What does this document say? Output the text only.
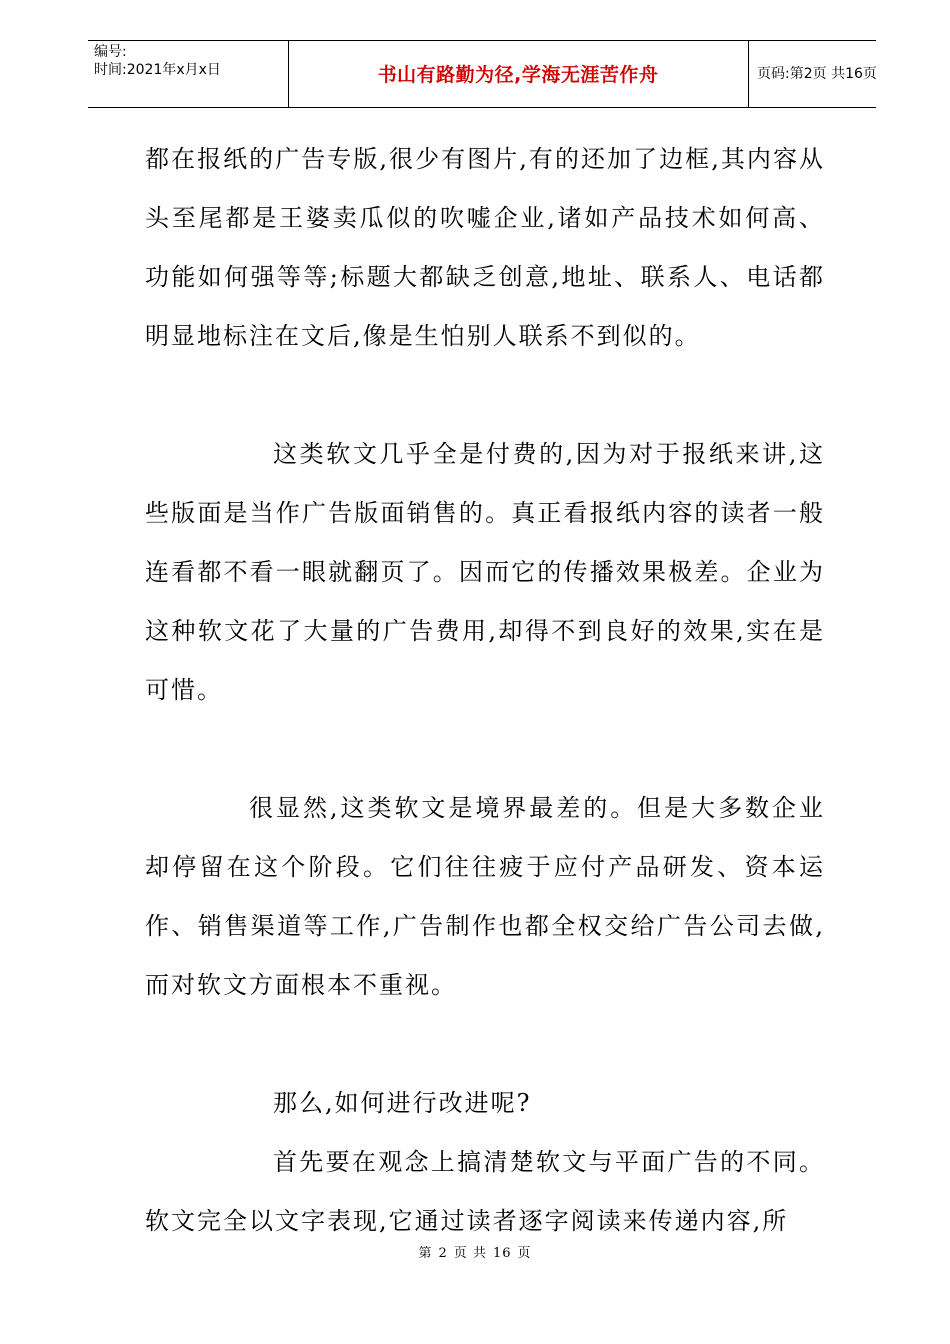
编号:
时间:2021年x月x日	书山有路勤为径,学海无涯苦作舟	页码:第2页 共16页

都在报纸的广告专版,很少有图片,有的还加了边框,其内容从头至尾都是王婆卖瓜似的吹嘘企业,诸如产品技术如何高、功能如何强等等;标题大都缺乏创意,地址、联系人、电话都明显地标注在文后,像是生怕别人联系不到似的。

这类软文几乎全是付费的,因为对于报纸来讲,这些版面是当作广告版面销售的。真正看报纸内容的读者一般连看都不看一眼就翻页了。因而它的传播效果极差。企业为这种软文花了大量的广告费用,却得不到良好的效果,实在是可惜。

很显然,这类软文是境界最差的。但是大多数企业却停留在这个阶段。它们往往疲于应付产品研发、资本运作、销售渠道等工作,广告制作也都全权交给广告公司去做,而对软文方面根本不重视。

那么,如何进行改进呢?

首先要在观念上搞清楚软文与平面广告的不同。软文完全以文字表现,它通过读者逐字阅读来传递内容,所

第 2 页 共 16 页
